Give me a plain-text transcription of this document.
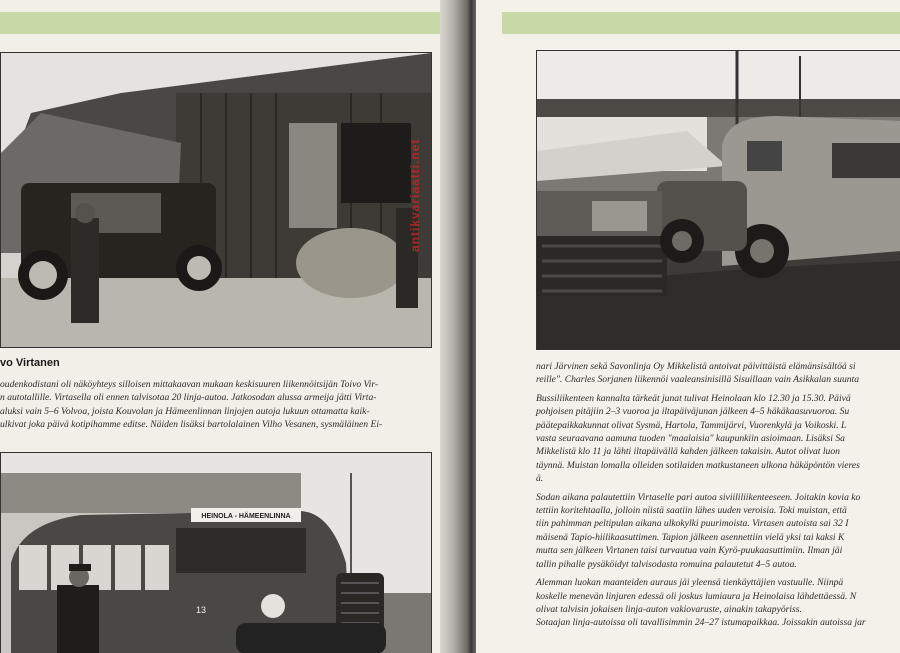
vo Virtanen
oudenkodistani oli näköyhteys silloisen mittakaavan mukaan keskisuuren liikennöitsijän Toivo Vir-
n autotallille. Virtasella oli ennen talvisotaa 20 linja-autoa. Jatkosodan alussa armeija jätti Virta-
aluksi vain 5–6 Volvoa, joista Kouvolan ja Hämeenlinnan linjojen autoja lukuun ottamatta kaik-
ulkivat joka päivä kotipihamme editse. Näiden lisäksi bartolalainen Vilho Vesanen, sysmäläinen Ei-
HEINOLA - HÄMEENLINNA
13
antikvariaatti.net

nari Järvinen sekä Savonlinja Oy Mikkelistä antoivat päivittäistä elämänsisältöä si
reille". Charles Sorjanen liikennöi vaaleansinisillä Sisuillaan vain Asikkalan suunta

Bussiliikenteen kannalta tärkeät junat tulivat Heinolaan klo 12.30 ja 15.30. Päivä
pohjoisen pitäjiin 2–3 vuoroa ja iltapäiväjunan jälkeen 4–5 häkäkaasuvuoroa. Su
päätepaikkakunnat olivat Sysmä, Hartola, Tammijärvi, Vuorenkylä ja Voikoski. L
vasta seuraavana aamuna tuoden "maalaisia" kaupunkiin asioimaan. Lisäksi Sa
Mikkelistä klo 11 ja lähti iltapäivällä kahden jälkeen takaisin. Autot olivat luon
täynnä. Muistan lomalla olleiden sotilaiden matkustaneen ulkona häkäpöntön vieres
ä.

Sodan aikana palautettiin Virtaselle pari autoa siviililiikenteeseen. Joitakin kovia ko
tettiin koritehtaalla, jolloin niistä saatiin lähes uuden veroisia. Toki muistan, että
tiin pahimman peltipulan aikana ulkokylki puurimoista. Virtasen autoista sai 32 I
mäisenä Tapio-hiilikaasuttimen. Tapion jälkeen asennettiin vielä yksi tai kaksi K
mutta sen jälkeen Virtanen taisi turvautua vain Kyrö-puukaasuttimiin. Ilman jäi
tallin pihalle pysäköidyt talvisodasta romuina palautetut 4–5 autoa.

Alemman luokan maanteiden auraus jäi yleensä tienkäyttäjien vastuulle. Niinpä
koskelle menevän linjuren edessä oli joskus lumiaura ja Heinolaisa lähdettäessä. N
olivat talvisin jokaisen linja-auton vakiovaruste, ainakin takapyöriss.
Sotaajan linja-autoissa oli tavallisimmin 24–27 istumapaikkaa. Joissakin autoissa jar
